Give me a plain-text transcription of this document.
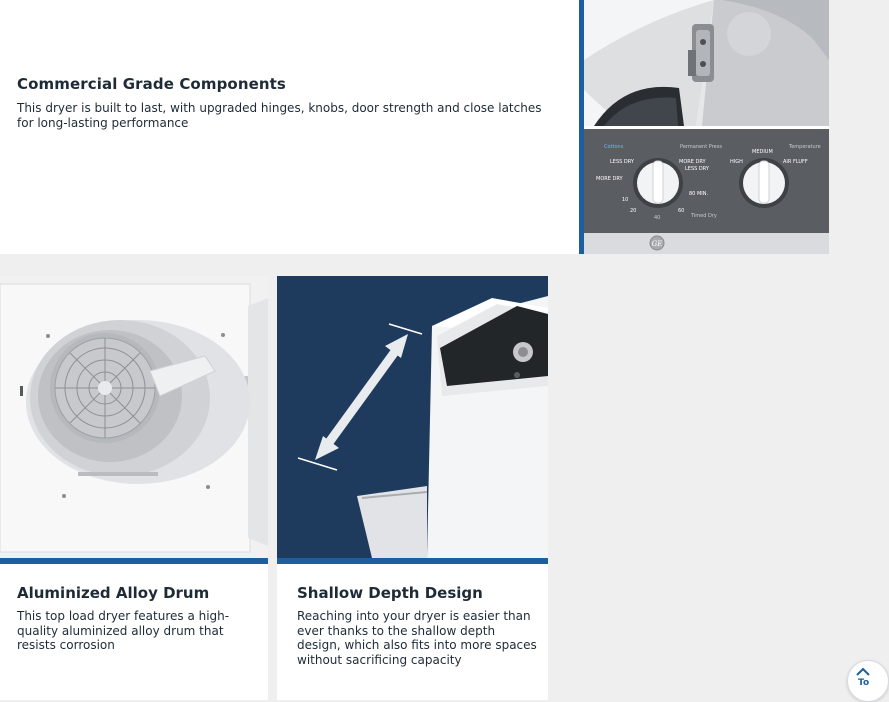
Commercial Grade Components

This dryer is built to last, with upgraded hinges, knobs, door strength and close latches for long-lasting performance

GE
Cottons	Permanent Press	Temperature
LESS DRY
MORE DRY
MORE DRY
LESS DRY
MEDIUM
HIGH	AIR FLUFF
10
20
40
60
80 MIN.
Timed Dry
Aluminized Alloy Drum

This top load dryer features a high-quality aluminized alloy drum that resists corrosion

Shallow Depth Design

Reaching into your dryer is easier than ever thanks to the shallow depth design, which also fits into more spaces without sacrificing capacity

To
